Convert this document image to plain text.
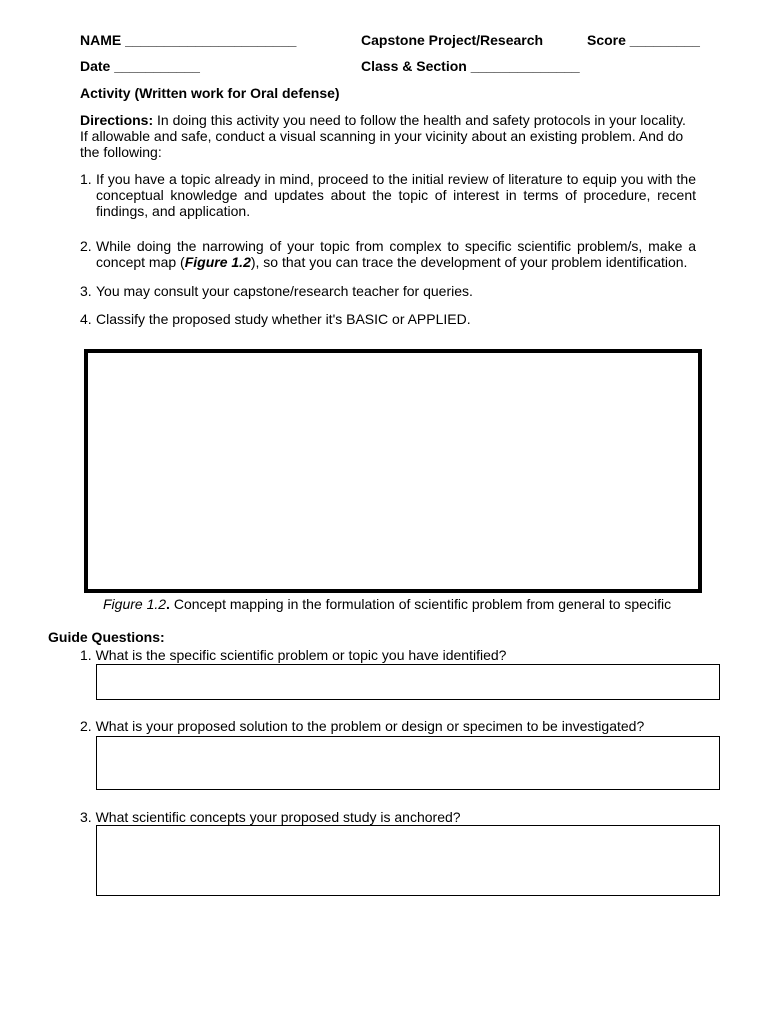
NAME ______________________	Capstone Project/Research	Score _________
Date ___________	Class & Section ______________
Activity (Written work for Oral defense)
Directions: In doing this activity you need to follow the health and safety protocols in your locality. If allowable and safe, conduct a visual scanning in your vicinity about an existing problem. And do the following:
1. If you have a topic already in mind, proceed to the initial review of literature to equip you with the conceptual knowledge and updates about the topic of interest in terms of procedure, recent findings, and application.
2. While doing the narrowing of your topic from complex to specific scientific problem/s, make a concept map (Figure 1.2), so that you can trace the development of your problem identification.
3. You may consult your capstone/research teacher for queries.
4. Classify the proposed study whether it's BASIC or APPLIED.
Figure 1.2. Concept mapping in the formulation of scientific problem from general to specific
Guide Questions:
1. What is the specific scientific problem or topic you have identified?
2. What is your proposed solution to the problem or design or specimen to be investigated?
3. What scientific concepts your proposed study is anchored?
